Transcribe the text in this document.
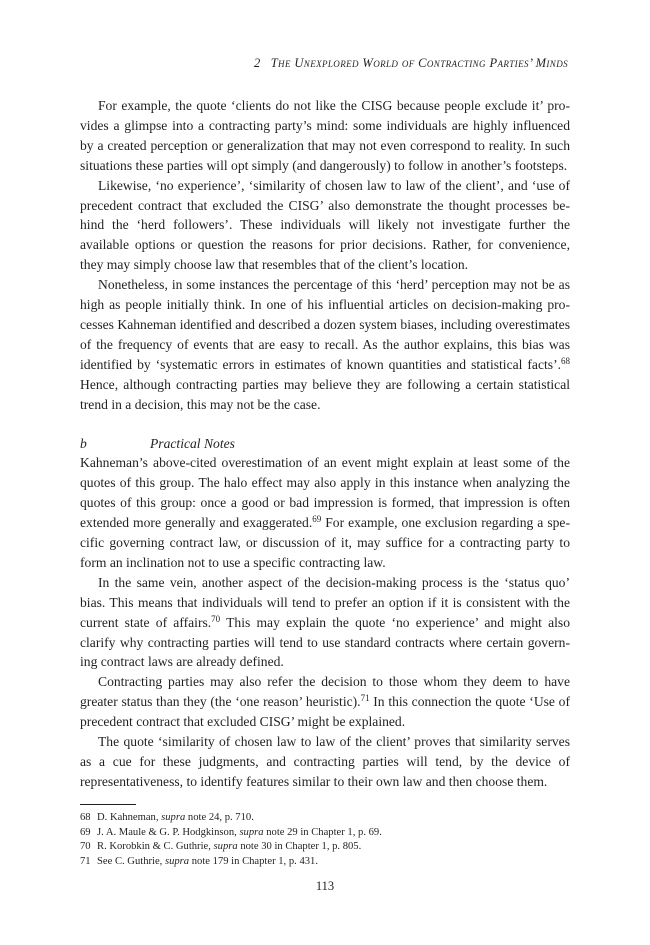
2 The Unexplored World of Contracting Parties’ Minds

For example, the quote ‘clients do not like the CISG because people exclude it’ provides a glimpse into a contracting party’s mind: some individuals are highly influenced by a created perception or generalization that may not even correspond to reality. In such situations these parties will opt simply (and dangerously) to follow in another’s footsteps.

Likewise, ‘no experience’, ‘similarity of chosen law to law of the client’, and ‘use of precedent contract that excluded the CISG’ also demonstrate the thought processes behind the ‘herd followers’. These individuals will likely not investigate further the available options or question the reasons for prior decisions. Rather, for convenience, they may simply choose law that resembles that of the client’s location.

Nonetheless, in some instances the percentage of this ‘herd’ perception may not be as high as people initially think. In one of his influential articles on decision-making processes Kahneman identified and described a dozen system biases, including overestimates of the frequency of events that are easy to recall. As the author explains, this bias was identified by ‘systematic errors in estimates of known quantities and statistical facts’.$^{68}$ Hence, although contracting parties may believe they are following a certain statistical trend in a decision, this may not be the case.

b	Practical Notes

Kahneman’s above-cited overestimation of an event might explain at least some of the quotes of this group. The halo effect may also apply in this instance when analyzing the quotes of this group: once a good or bad impression is formed, that impression is often extended more generally and exaggerated.$^{69}$ For example, one exclusion regarding a specific governing contract law, or discussion of it, may suffice for a contracting party to form an inclination not to use a specific contracting law.

In the same vein, another aspect of the decision-making process is the ‘status quo’ bias. This means that individuals will tend to prefer an option if it is consistent with the current state of affairs.$^{70}$ This may explain the quote ‘no experience’ and might also clarify why contracting parties will tend to use standard contracts where certain governing contract laws are already defined.

Contracting parties may also refer the decision to those whom they deem to have greater status than they (the ‘one reason’ heuristic).$^{71}$ In this connection the quote ‘Use of precedent contract that excluded CISG’ might be explained.

The quote ‘similarity of chosen law to law of the client’ proves that similarity serves as a cue for these judgments, and contracting parties will tend, by the device of representativeness, to identify features similar to their own law and then choose them.

68 D. Kahneman, supra note 24, p. 710.
69 J. A. Maule & G. P. Hodgkinson, supra note 29 in Chapter 1, p. 69.
70 R. Korobkin & C. Guthrie, supra note 30 in Chapter 1, p. 805.
71 See C. Guthrie, supra note 179 in Chapter 1, p. 431.
113
